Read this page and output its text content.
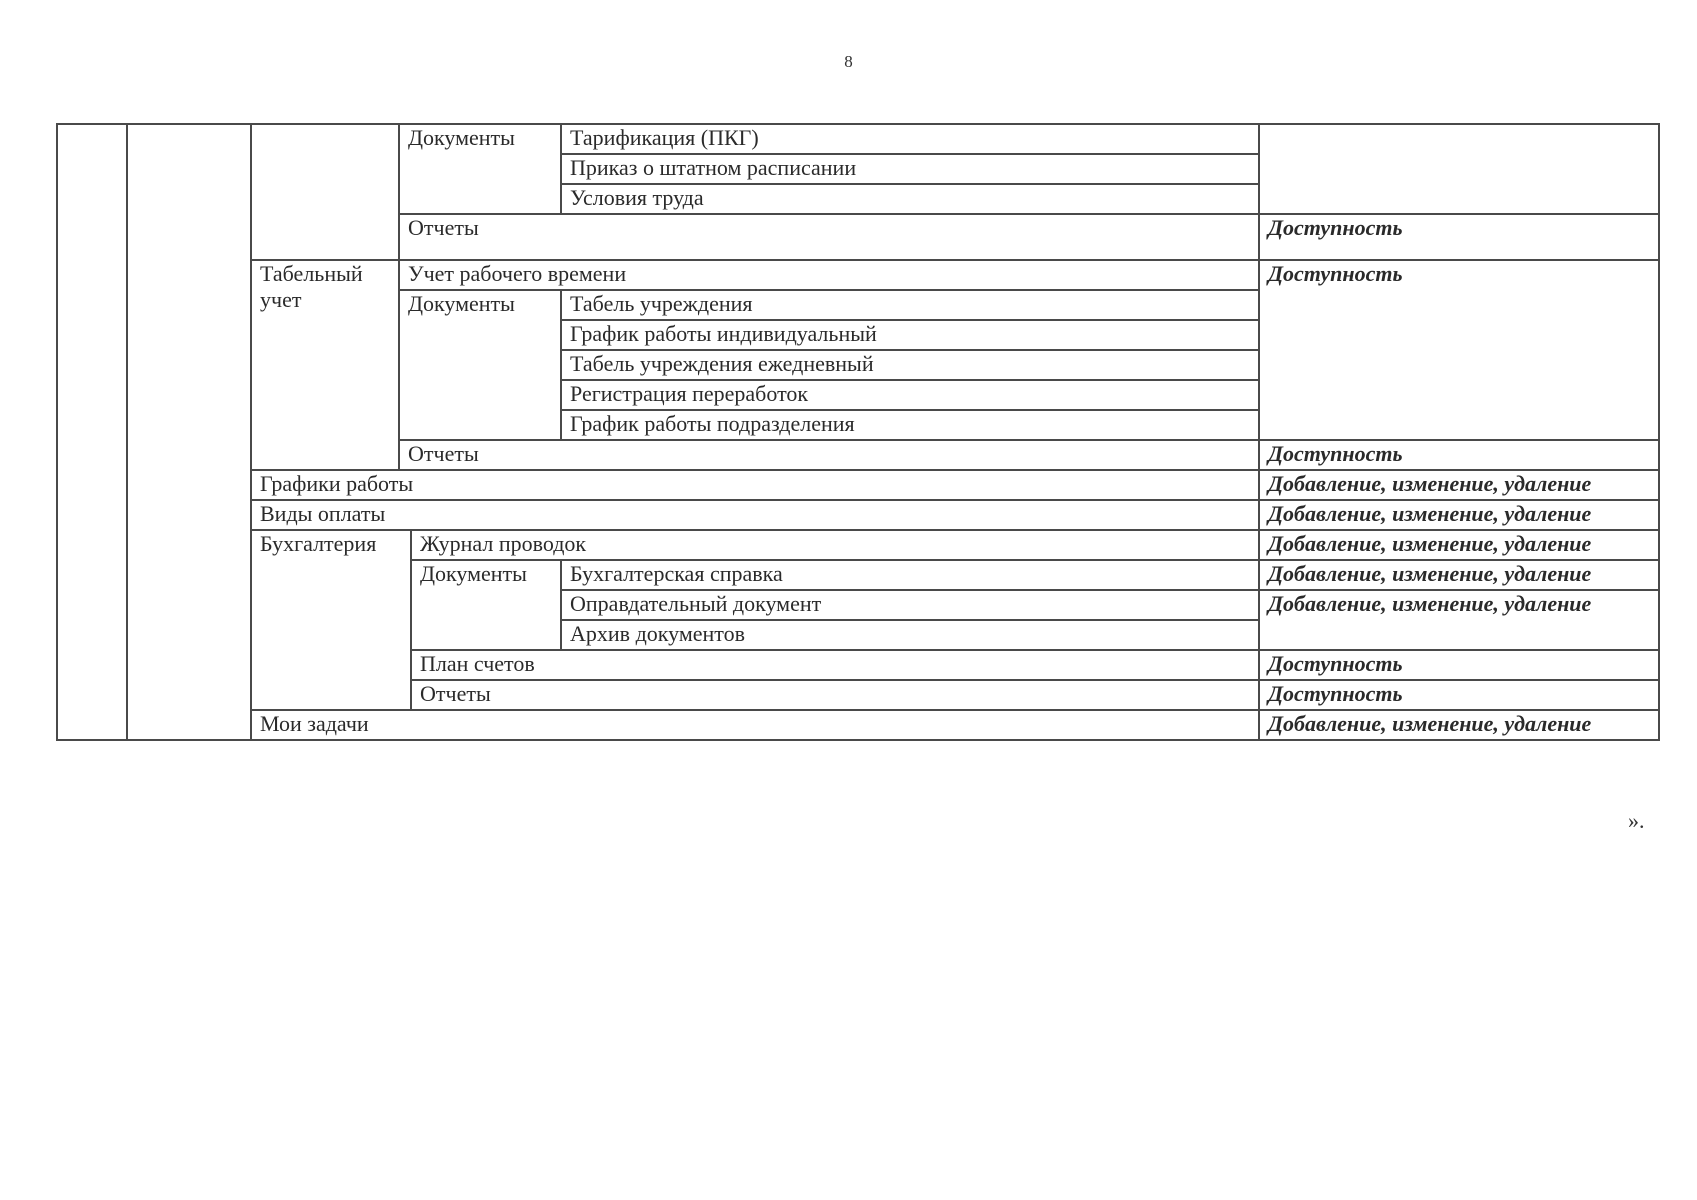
8
			Документы		Тарификация (ПКГ)	
					Приказ о штатном расписании	
					Условия труда	
			Отчеты			Доступность
		Табельный учет	Учет рабочего времени			Доступность
			Документы		Табель учреждения	
					График работы индивидуальный	
					Табель учреждения ежедневный	
					Регистрация переработок	
					График работы подразделения	
			Отчеты			Доступность
		Графики работы				Добавление, изменение, удаление
		Виды оплаты				Добавление, изменение, удаление
		Бухгалтерия		Журнал проводок		Добавление, изменение, удаление
				Документы	Бухгалтерская справка	Добавление, изменение, удаление
					Оправдательный документ	Добавление, изменение, удаление
					Архив документов	
				План счетов		Доступность
				Отчеты		Доступность
		Мои задачи				Добавление, изменение, удаление
».
